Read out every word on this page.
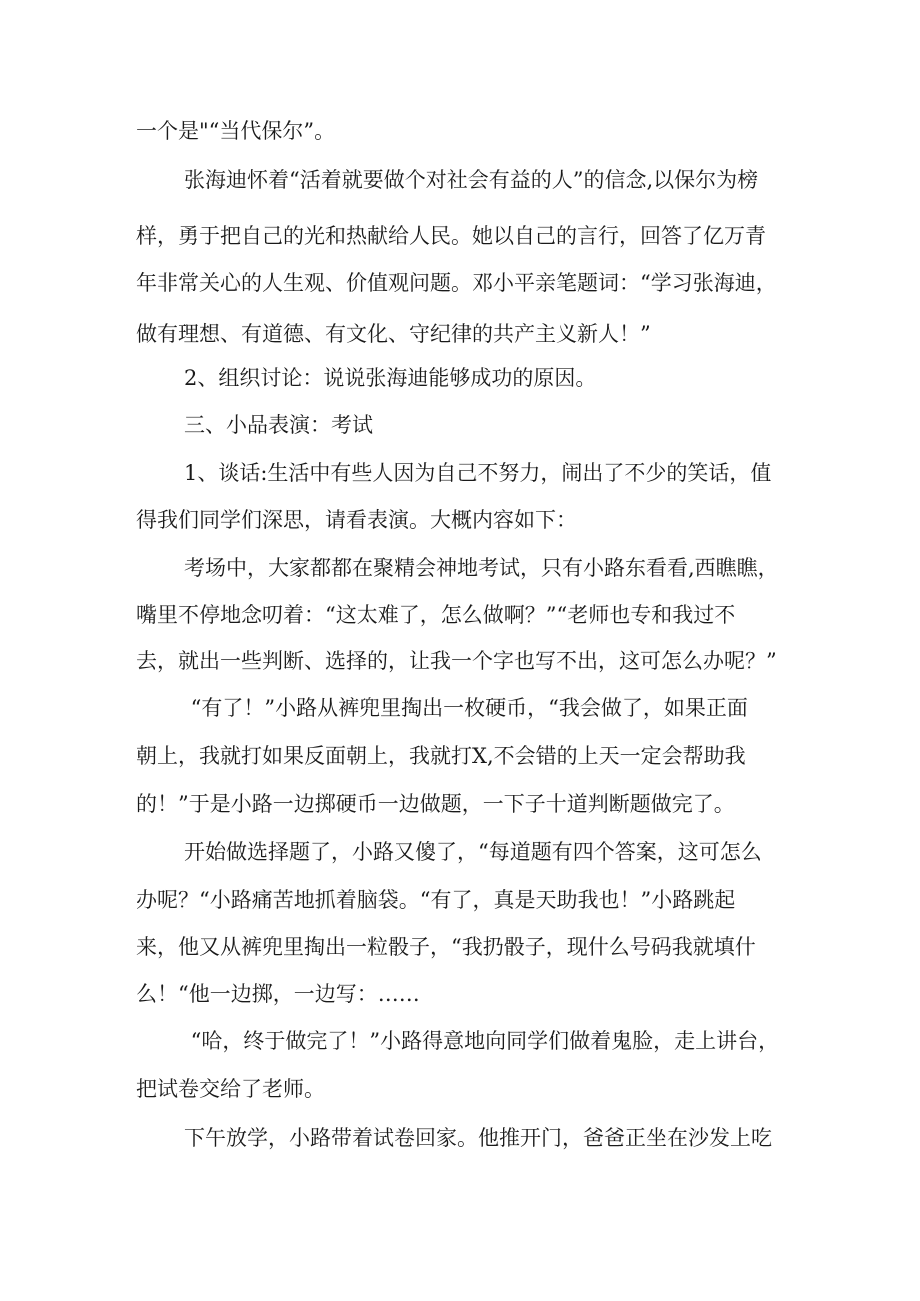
一个是"“当代保尔”。
张海迪怀着“活着就要做个对社会有益的人”的信念,以保尔为榜
样，勇于把自己的光和热献给人民。她以自己的言行，回答了亿万青
年非常关心的人生观、价值观问题。邓小平亲笔题词：“学习张海迪，
做有理想、有道德、有文化、守纪律的共产主义新人！”
2、组织讨论：说说张海迪能够成功的原因。
三、小品表演：考试
1、谈话:生活中有些人因为自己不努力，闹出了不少的笑话，值
得我们同学们深思，请看表演。大概内容如下：
考场中，大家都都在聚精会神地考试，只有小路东看看,西瞧瞧，
嘴里不停地念叨着：“这太难了，怎么做啊？”“老师也专和我过不
去，就出一些判断、选择的，让我一个字也写不出，这可怎么办呢？”
“有了！”小路从裤兜里掏出一枚硬币，“我会做了，如果正面
朝上，我就打如果反面朝上，我就打X,不会错的上天一定会帮助我
的！”于是小路一边掷硬币一边做题，一下子十道判断题做完了。
开始做选择题了，小路又傻了，“每道题有四个答案，这可怎么
办呢？“小路痛苦地抓着脑袋。“有了，真是天助我也！”小路跳起
来，他又从裤兜里掏出一粒骰子，“我扔骰子，现什么号码我就填什
么！“他一边掷，一边写：……
“哈，终于做完了！”小路得意地向同学们做着鬼脸，走上讲台，
把试卷交给了老师。
下午放学，小路带着试卷回家。他推开门，爸爸正坐在沙发上吃
